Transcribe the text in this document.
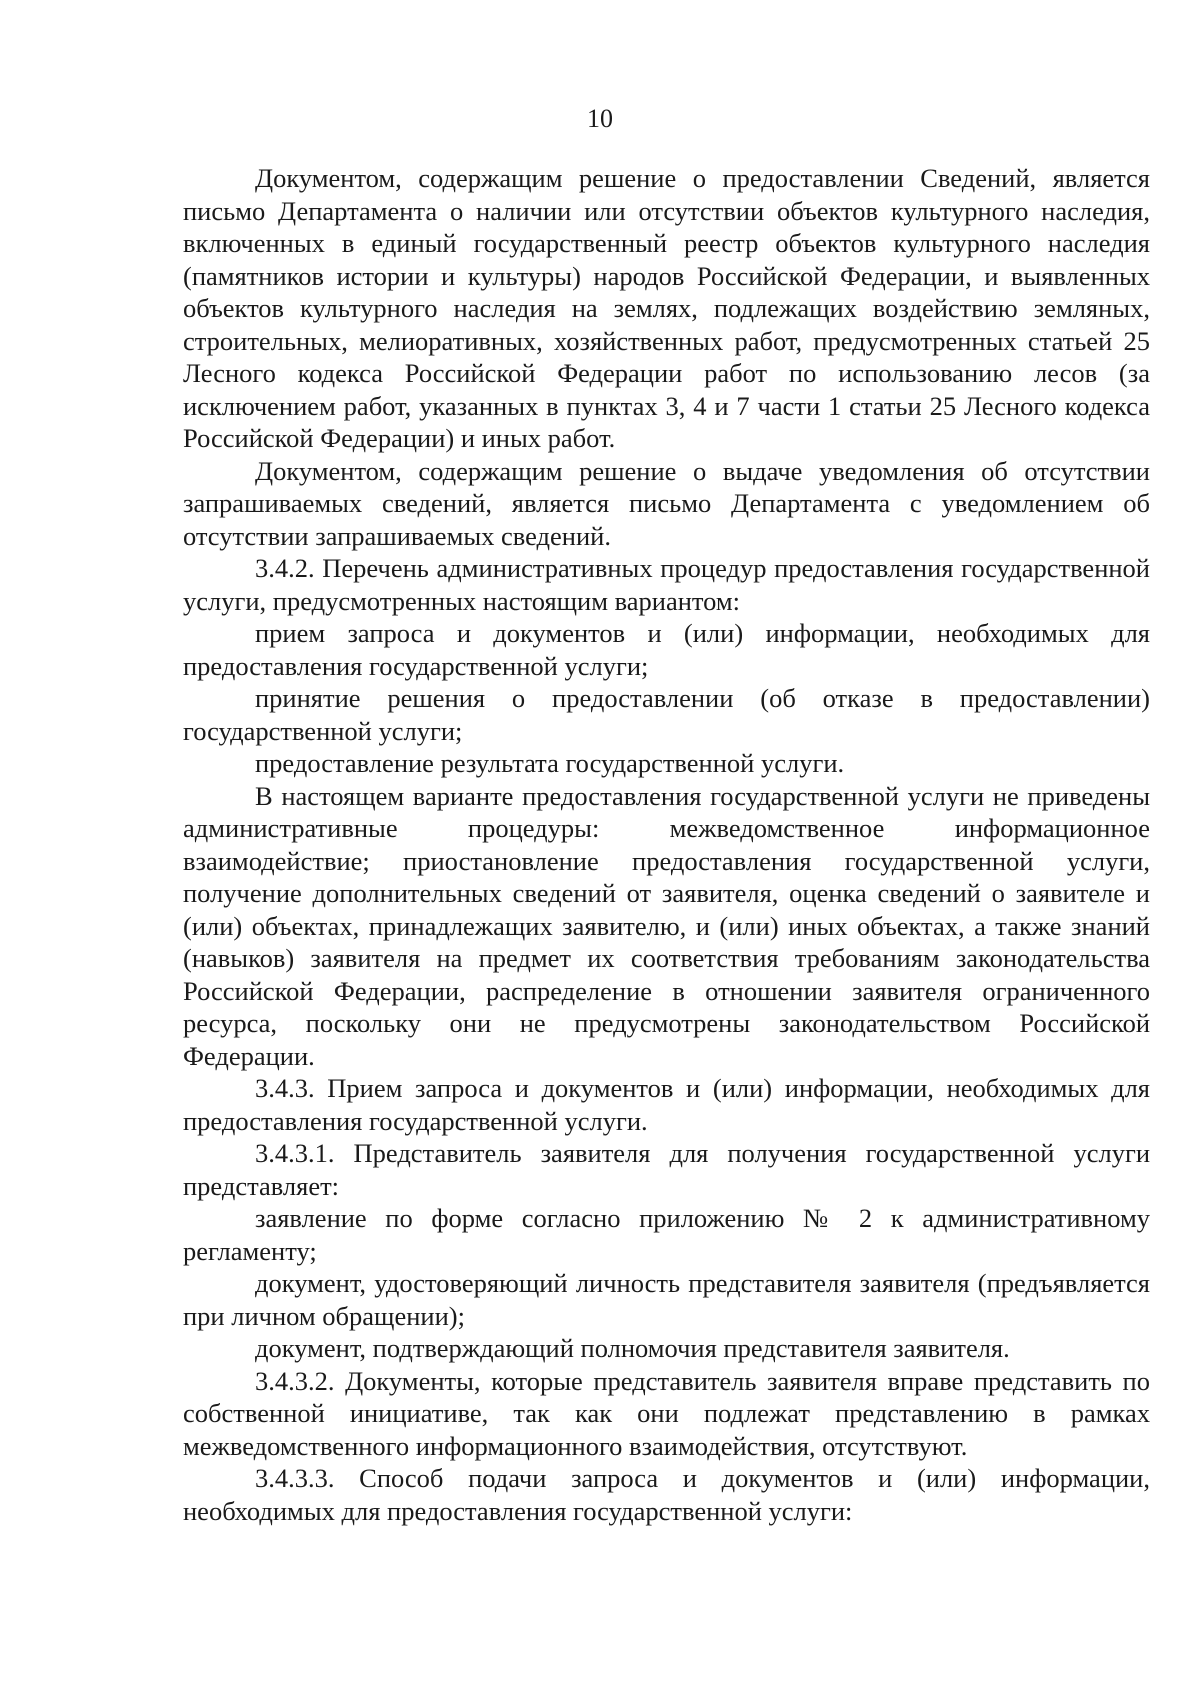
10

Документом, содержащим решение о предоставлении Сведений, является письмо Департамента о наличии или отсутствии объектов культурного наследия, включенных в единый государственный реестр объектов культурного наследия (памятников истории и культуры) народов Российской Федерации, и выявленных объектов культурного наследия на землях, подлежащих воздействию земляных, строительных, мелиоративных, хозяйственных работ, предусмотренных статьей 25 Лесного кодекса Российской Федерации работ по использованию лесов (за исключением работ, указанных в пунктах 3, 4 и 7 части 1 статьи 25 Лесного кодекса Российской Федерации) и иных работ.

Документом, содержащим решение о выдаче уведомления об отсутствии запрашиваемых сведений, является письмо Департамента с уведомлением об отсутствии запрашиваемых сведений.

3.4.2. Перечень административных процедур предоставления государственной услуги, предусмотренных настоящим вариантом:

прием запроса и документов и (или) информации, необходимых для предоставления государственной услуги;

принятие решения о предоставлении (об отказе в предоставлении) государственной услуги;

предоставление результата государственной услуги.

В настоящем варианте предоставления государственной услуги не приведены административные процедуры: межведомственное информационное взаимодействие; приостановление предоставления государственной услуги, получение дополнительных сведений от заявителя, оценка сведений о заявителе и (или) объектах, принадлежащих заявителю, и (или) иных объектах, а также знаний (навыков) заявителя на предмет их соответствия требованиям законодательства Российской Федерации, распределение в отношении заявителя ограниченного ресурса, поскольку они не предусмотрены законодательством Российской Федерации.

3.4.3. Прием запроса и документов и (или) информации, необходимых для предоставления государственной услуги.

3.4.3.1. Представитель заявителя для получения государственной услуги представляет:

заявление по форме согласно приложению № 2 к административному регламенту;

документ, удостоверяющий личность представителя заявителя (предъявляется при личном обращении);

документ, подтверждающий полномочия представителя заявителя.

3.4.3.2. Документы, которые представитель заявителя вправе представить по собственной инициативе, так как они подлежат представлению в рамках межведомственного информационного взаимодействия, отсутствуют.

3.4.3.3. Способ подачи запроса и документов и (или) информации, необходимых для предоставления государственной услуги:
